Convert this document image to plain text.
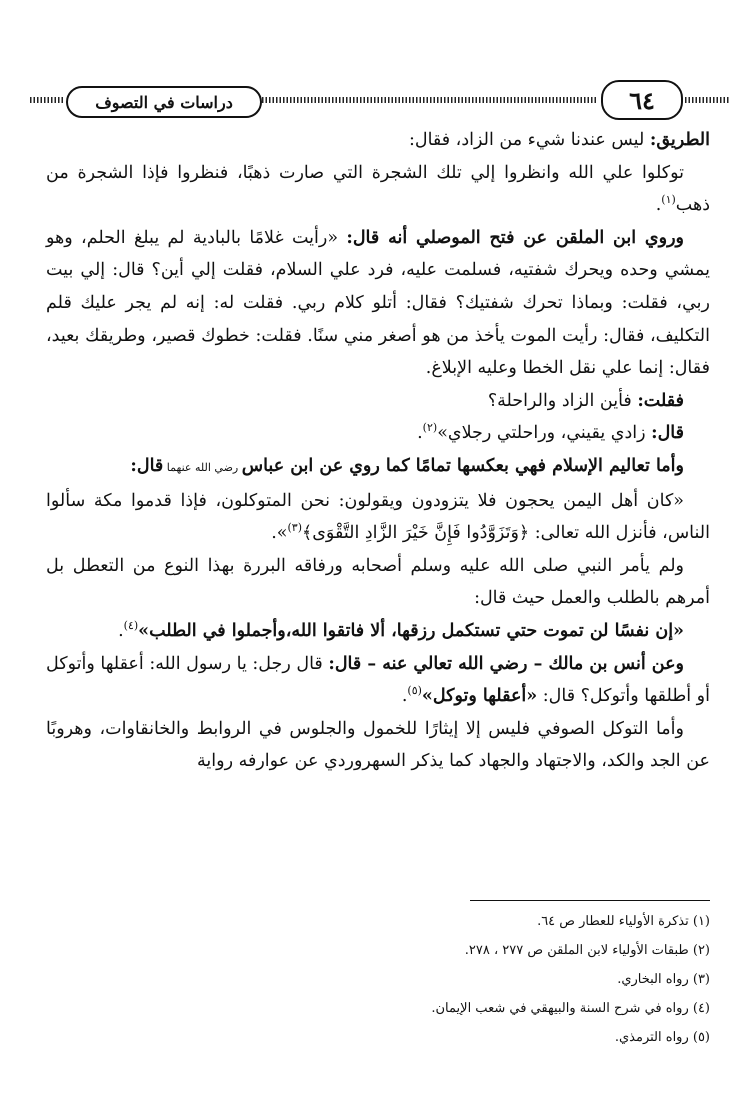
دراسات في التصوف	٦٤

الطريق: ليس عندنا شيء من الزاد، فقال:

توكلوا علي الله وانظروا إلي تلك الشجرة التي صارت ذهبًا، فنظروا فإذا الشجرة من ذهب$^{(١)}$.

وروي ابن الملقن عن فتح الموصلي أنه قال: «رأيت غلامًا بالبادية لم يبلغ الحلم، وهو يمشي وحده ويحرك شفتيه، فسلمت عليه، فرد علي السلام، فقلت إلي أين؟ قال: إلي بيت ربي، فقلت: وبماذا تحرك شفتيك؟ فقال: أتلو كلام ربي. فقلت له: إنه لم يجر عليك قلم التكليف، فقال: رأيت الموت يأخذ من هو أصغر مني سنًا. فقلت: خطوك قصير، وطريقك بعيد، فقال: إنما علي نقل الخطا وعليه الإبلاغ.

فقلت: فأين الزاد والراحلة؟

قال: زادي يقيني، وراحلتي رجلاي»$^{(٢)}$.

وأما تعاليم الإسلام فهي بعكسها تمامًا كما روي عن ابن عباس رضي الله عنهما قال:

«كان أهل اليمن يحجون فلا يتزودون ويقولون: نحن المتوكلون، فإذا قدموا مكة سألوا الناس، فأنزل الله تعالى: ﴿وَتَزَوَّدُوا فَإِنَّ خَيْرَ الزَّادِ التَّقْوَى﴾$^{(٣)}$».

ولم يأمر النبي صلى الله عليه وسلم أصحابه ورفاقه البررة بهذا النوع من التعطل بل أمرهم بالطلب والعمل حيث قال:

«إن نفسًا لن تموت حتي تستكمل رزقها، ألا فاتقوا الله،وأجملوا في الطلب»$^{(٤)}$.

وعن أنس بن مالك – رضي الله تعالي عنه – قال: قال رجل: يا رسول الله: أعقلها وأتوكل أو أطلقها وأتوكل؟ قال: «أعقلها وتوكل»$^{(٥)}$.

وأما التوكل الصوفي فليس إلا إيثارًا للخمول والجلوس في الروابط والخانقاوات، وهروبًا عن الجد والكد، والاجتهاد والجهاد كما يذكر السهروردي عن عوارفه رواية

(١) تذكرة الأولياء للعطار ص ٦٤.

(٢) طبقات الأولياء لابن الملقن ص ٢٧٧ ، ٢٧٨.

(٣) رواه البخاري.

(٤) رواه في شرح السنة والبيهقي في شعب الإيمان.

(٥) رواه الترمذي.
